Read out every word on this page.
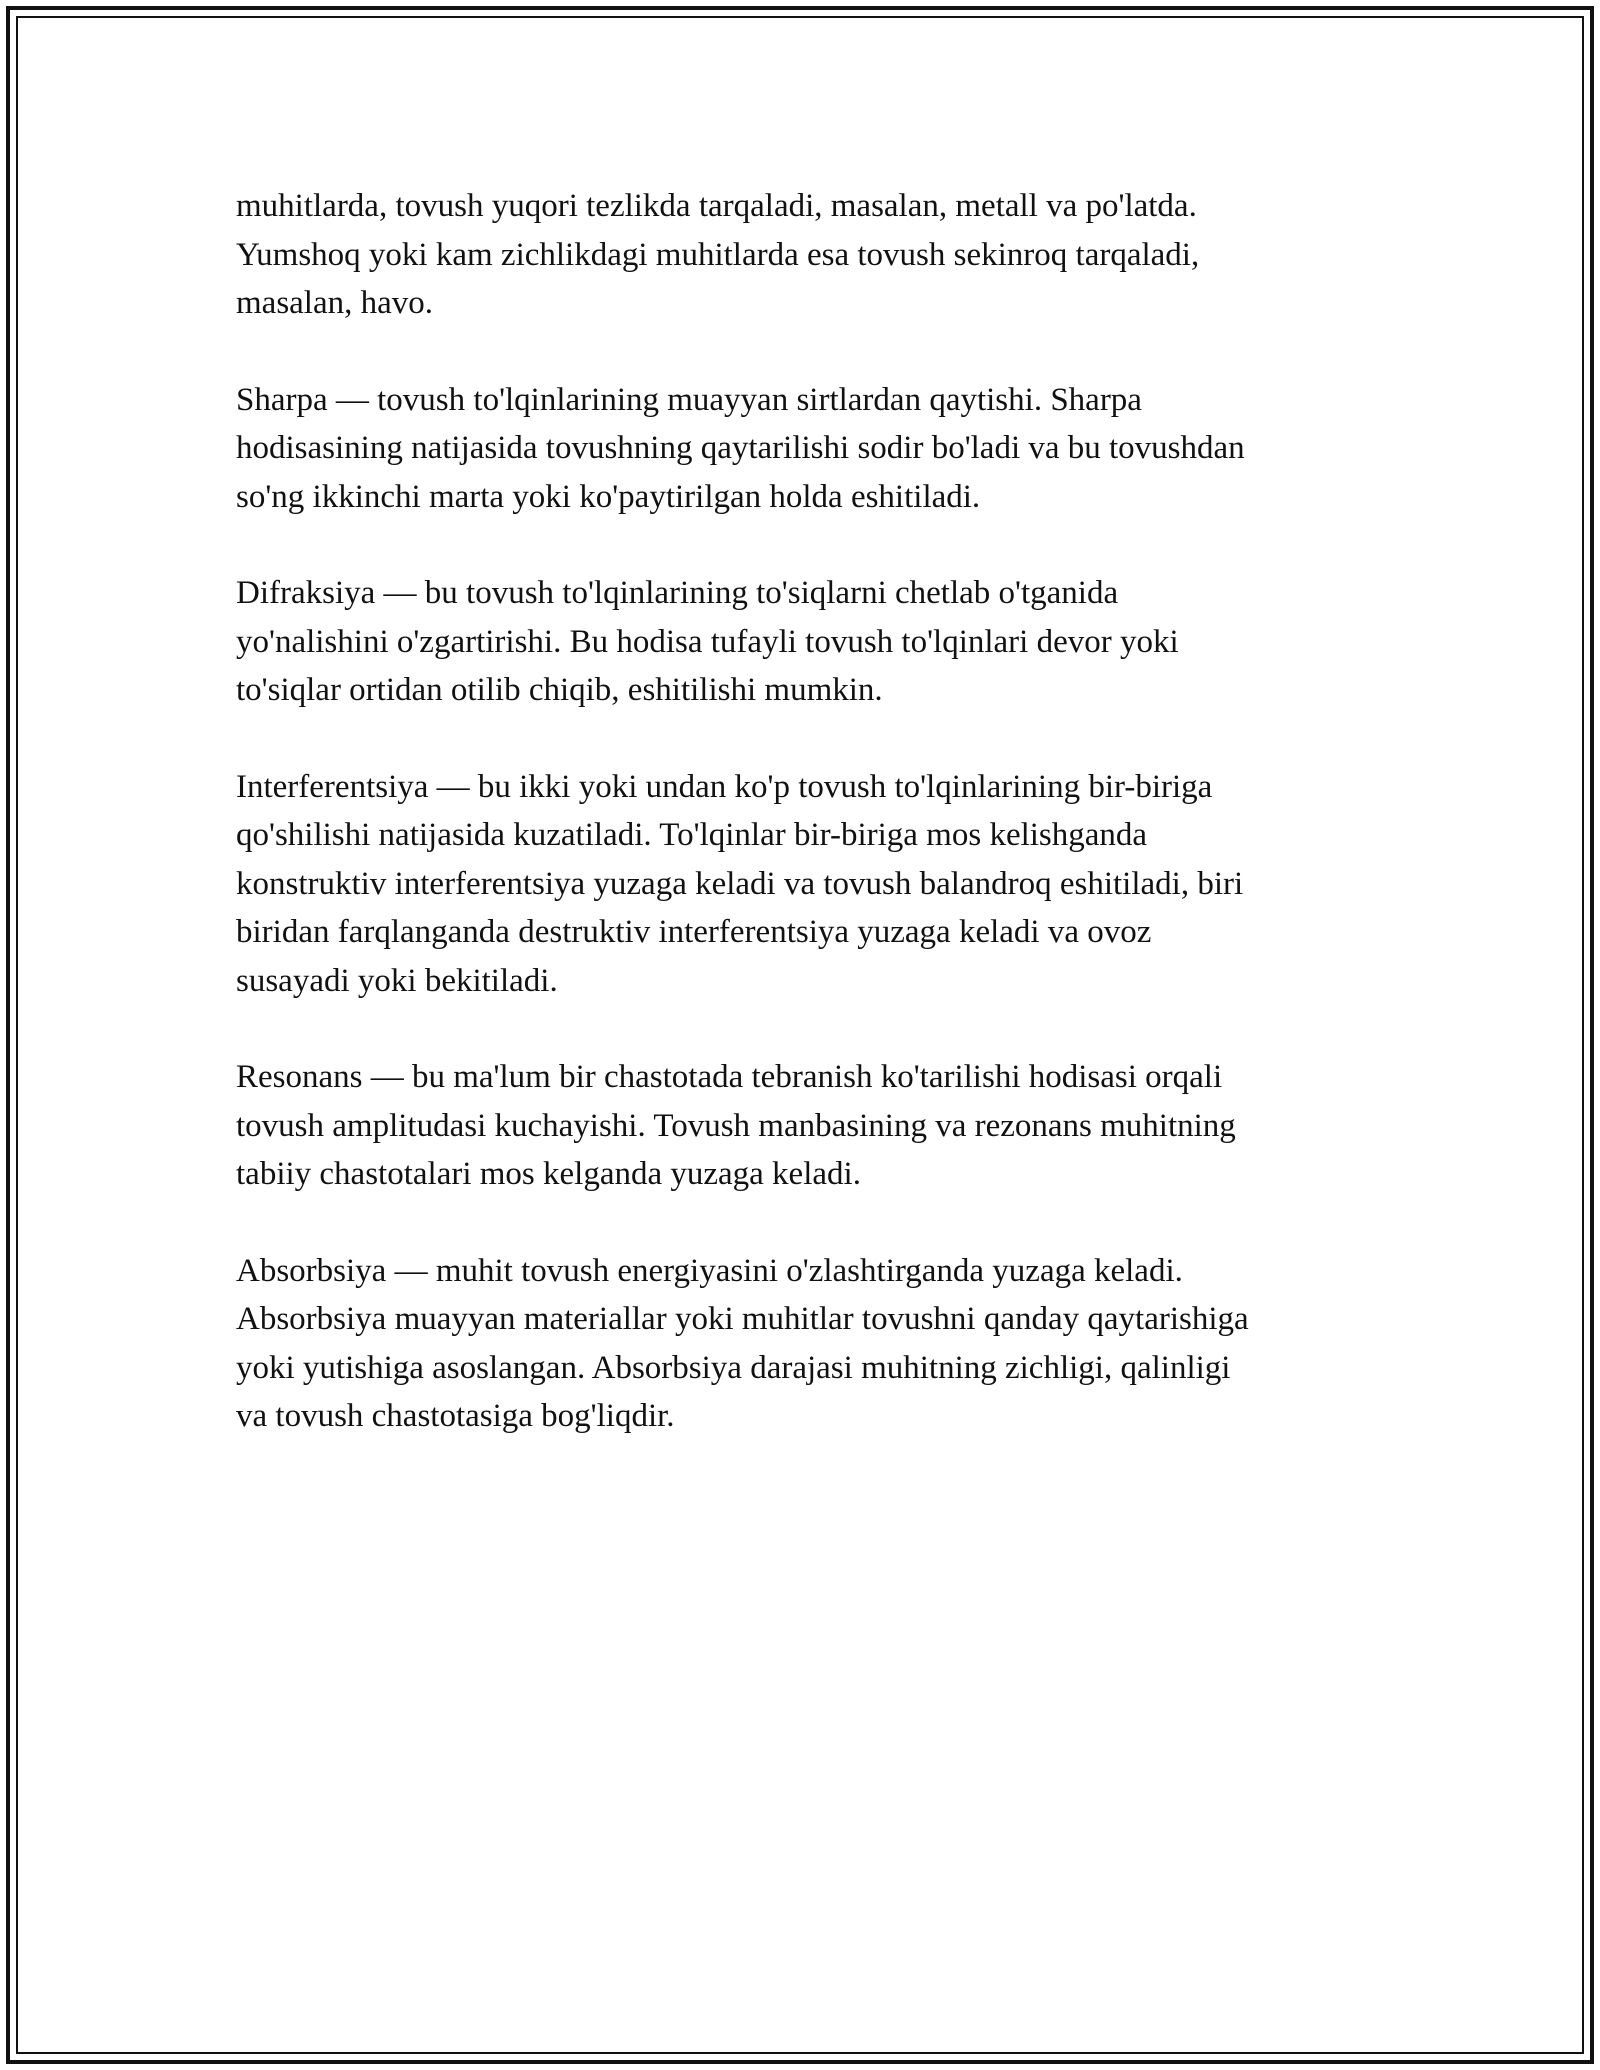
muhitlarda, tovush yuqori tezlikda tarqaladi, masalan, metall va po'latda.
Yumshoq yoki kam zichlikdagi muhitlarda esa tovush sekinroq tarqaladi,
masalan, havo.

Sharpa — tovush to'lqinlarining muayyan sirtlardan qaytishi. Sharpa
hodisasining natijasida tovushning qaytarilishi sodir bo'ladi va bu tovushdan
so'ng ikkinchi marta yoki ko'paytirilgan holda eshitiladi.

Difraksiya — bu tovush to'lqinlarining to'siqlarni chetlab o'tganida
yo'nalishini o'zgartirishi. Bu hodisa tufayli tovush to'lqinlari devor yoki
to'siqlar ortidan otilib chiqib, eshitilishi mumkin.

Interferentsiya — bu ikki yoki undan ko'p tovush to'lqinlarining bir-biriga
qo'shilishi natijasida kuzatiladi. To'lqinlar bir-biriga mos kelishganda
konstruktiv interferentsiya yuzaga keladi va tovush balandroq eshitiladi, biri
biridan farqlanganda destruktiv interferentsiya yuzaga keladi va ovoz
susayadi yoki bekitiladi.

Resonans — bu ma'lum bir chastotada tebranish ko'tarilishi hodisasi orqali
tovush amplitudasi kuchayishi. Tovush manbasining va rezonans muhitning
tabiiy chastotalari mos kelganda yuzaga keladi.

Absorbsiya — muhit tovush energiyasini o'zlashtirganda yuzaga keladi.
Absorbsiya muayyan materiallar yoki muhitlar tovushni qanday qaytarishiga
yoki yutishiga asoslangan. Absorbsiya darajasi muhitning zichligi, qalinligi
va tovush chastotasiga bog'liqdir.
